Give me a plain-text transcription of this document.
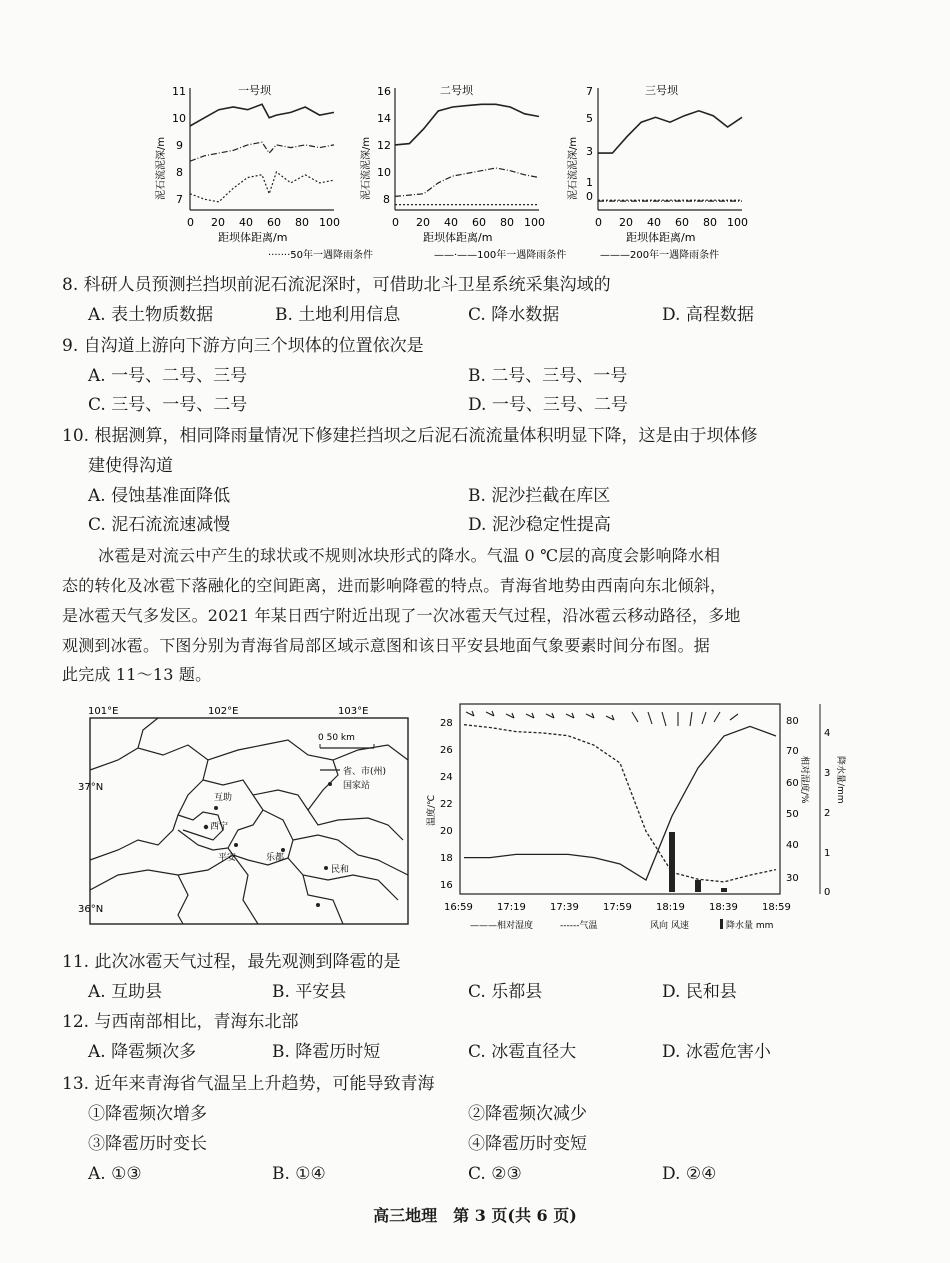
一号坝
11
10
9
8
7
0 20 40 60 80 100
距坝体距离/m
泥石流泥深/m
二号坝
16
14
12
10
8
0 20 40 60 80 100
距坝体距离/m
泥石流泥深/m
三号坝
7
5
3
1
0
0 20 40 60 80 100
距坝体距离/m
泥石流泥深/m
·······50年一遇降雨条件	——·——100年一遇降雨条件	———200年一遇降雨条件
8. 科研人员预测拦挡坝前泥石流泥深时，可借助北斗卫星系统采集沟域的
A. 表土物质数据	B. 土地利用信息	C. 降水数据	D. 高程数据
9. 自沟道上游向下游方向三个坝体的位置依次是
A. 一号、二号、三号	B. 二号、三号、一号
C. 三号、一号、二号	D. 一号、三号、二号
10. 根据测算，相同降雨量情况下修建拦挡坝之后泥石流流量体积明显下降，这是由于坝体修
建使得沟道
A. 侵蚀基准面降低	B. 泥沙拦截在库区
C. 泥石流流速减慢	D. 泥沙稳定性提高
冰雹是对流云中产生的球状或不规则冰块形式的降水。气温 0 ℃层的高度会影响降水相
态的转化及冰雹下落融化的空间距离，进而影响降雹的特点。青海省地势由西南向东北倾斜，
是冰雹天气多发区。2021 年某日西宁附近出现了一次冰雹天气过程，沿冰雹云移动路径，多地
观测到冰雹。下图分别为青海省局部区域示意图和该日平安县地面气象要素时间分布图。据
此完成 11～13 题。
101°E	102°E	103°E
37°N
36°N
0 50 km
省、市(州)
国家站
互助
西宁
平安	乐都
民和
28
26
24
22
20
18
16
温度/℃
80
70
60
50
40
30
相对湿度/%
4
3
2
1
0
降水量/mm
16:59 17:19 17:39 17:59 18:19 18:39 18:59
———相对湿度	------气温	风向 风速	降水量 mm
11. 此次冰雹天气过程，最先观测到降雹的是
A. 互助县	B. 平安县	C. 乐都县	D. 民和县
12. 与西南部相比，青海东北部
A. 降雹频次多	B. 降雹历时短	C. 冰雹直径大	D. 冰雹危害小
13. 近年来青海省气温呈上升趋势，可能导致青海
①降雹频次增多	②降雹频次减少
③降雹历时变长	④降雹历时变短
A. ①③	B. ①④	C. ②③	D. ②④
高三地理　第 3 页(共 6 页)
